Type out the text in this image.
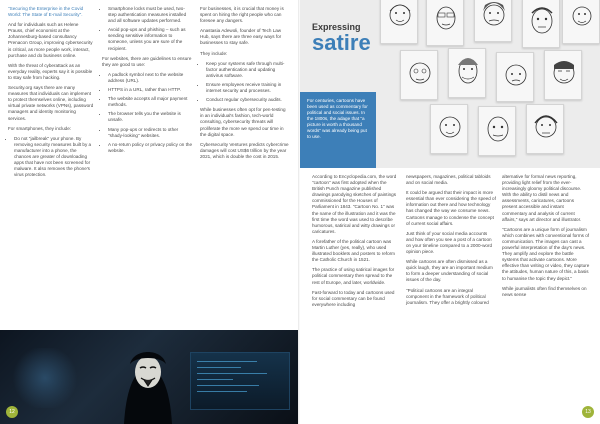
"Securing the Enterprise in the Covid World: The State of E-mail Security".

And for individuals such as Helene Prauss, chief economist at the Johannesburg-based consultancy Prenacon Group, improving cybersecurity is critical, as more people work, interact, purchase and do business online.

With the threat of cyberattack as an everyday reality, experts say it is possible to stay safe from hacking.

Security.org says there are many measures that individuals can implement to protect themselves online, including virtual private networks (VPNs), password managers and identity monitoring services.

For smartphones, they include:

• Do not "jailbreak" your phone. By removing security measures built by a manufacturer into a phone, the chances are greater of downloading apps that have not been screened for malware. It also removes the phone's virus protection.
• Smartphone locks must be used, two-step authentication measures installed and all software updates performed.
• Avoid pop-ups and phishing – such as sending sensitive information to someone, unless you are sure of the recipient.

For websites, there are guidelines to ensure they are good to use:

• A padlock symbol next to the website address (URL).
• HTTPS in a URL, rather than HTTP.
• The website accepts all major payment methods.
• The browser tells you the website is unsafe.
• Many pop-ups or redirects to other "shady-looking" websites.
• A no-return policy or privacy policy on the website.

For businesses, it is crucial that money is spent on hiring the right people who can foresee any dangers.

Anastasia Adewoli, founder of Tech Law Hub, says there are three easy ways for businesses to stay safe.

They include:

• Keep your systems safe through multi-factor authentication and updating antivirus software.
• Ensure employees receive training in internet security and processes.
• Conduct regular cybersecurity audits.

While businesses often opt for pen-testing in an individual's fashion, tech-world consulting, cybersecurity threats will proliferate the more we spend our time in the digital space.

Cybersecurity Ventures predicts cybercrime damages will cost US$6 trillion by the year 2021, which is double the cost in 2015.

12
Expressing
satire
For centuries, cartoons have been used as commentary for political and social issues. In the 1800s, the adage that "a picture is worth a thousand words" was already being put to use.

According to Encyclopedia.com, the word "cartoon" was first adopted when the British Punch magazine published drawings parodying sketches of paintings commissioned for the Houses of Parliament in 1843. "Cartoon No. 1" was the name of the illustration and it was the first time the word was used to describe humorous, satirical and witty drawings or caricatures.

A forefather of the political cartoon was Martin Luther (yes, really), who used illustrated booklets and posters to reform the Catholic Church in 1521.

The practice of using satirical images for political commentary then spread to the rest of Europe, and later, worldwide.

Fast-forward to today and cartoons used for social commentary can be found everywhere including

newspapers, magazines, political tabloids and on social media.

It could be argued that their impact is more essential than ever considering the speed of information out there and how technology has changed the way we consume news. Cartoons manage to condense the concept of current social affairs.

Just think of your social media accounts and how often you see a post of a cartoon on your timeline compared to a 2000-word opinion piece.

While cartoons are often dismissed as a quick laugh, they are an important medium to form a deeper understanding of social issues of the day.

"Political cartoons are an integral component in the framework of political journalism. They offer a brightly coloured

alternative for formal news reporting, providing light relief from the ever-increasingly gloomy political discourse. With the ability to distil news and assessments, caricatures, cartoons present accessible and instant commentary and analysis of current affairs," says art director and illustrator.

"Cartoons are a unique form of journalism which combines with conventional forms of communication. The images can cast a powerful interpretation of the day's news. They amplify and explore the battle systems that activate cartoons. More effective than writing or video, they capture the attitudes, human nature of this, a basis to humanise the topic they depict."

While journalists often find themselves on news sense

13
